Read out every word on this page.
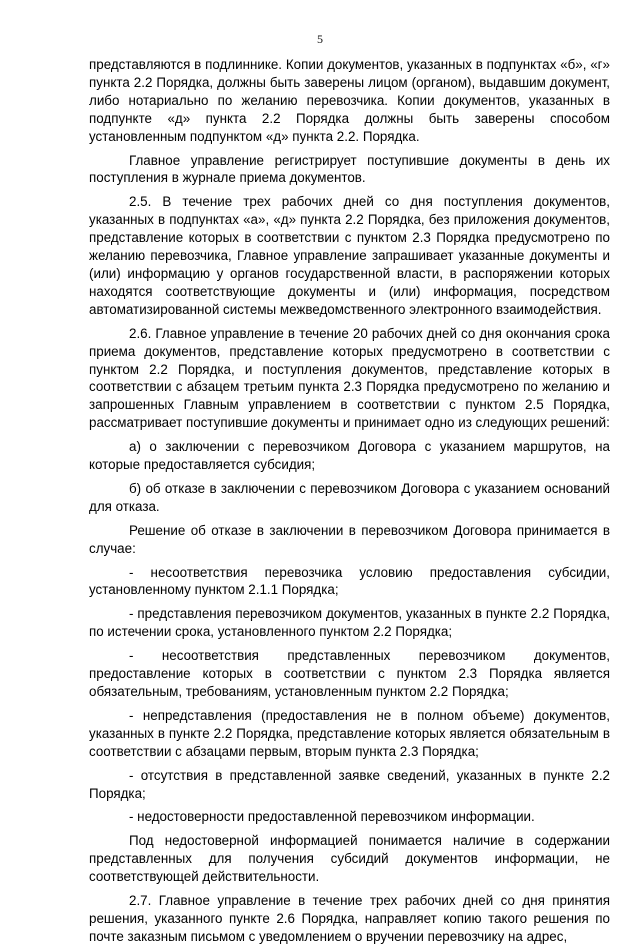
5

представляются в подлиннике. Копии документов, указанных в подпунктах «б», «г» пункта 2.2 Порядка, должны быть заверены лицом (органом), выдавшим документ, либо нотариально по желанию перевозчика. Копии документов, указанных в подпункте «д» пункта 2.2 Порядка должны быть заверены способом установленным подпунктом «д» пункта 2.2. Порядка.

Главное управление регистрирует поступившие документы в день их поступления в журнале приема документов.

2.5. В течение трех рабочих дней со дня поступления документов, указанных в подпунктах «а», «д» пункта 2.2 Порядка, без приложения документов, представление которых в соответствии с пунктом 2.3 Порядка предусмотрено по желанию перевозчика, Главное управление запрашивает указанные документы и (или) информацию у органов государственной власти, в распоряжении которых находятся соответствующие документы и (или) информация, посредством автоматизированной системы межведомственного электронного взаимодействия.

2.6. Главное управление в течение 20 рабочих дней со дня окончания срока приема документов, представление которых предусмотрено в соответствии с пунктом 2.2 Порядка, и поступления документов, представление которых в соответствии с абзацем третьим пункта 2.3 Порядка предусмотрено по желанию и запрошенных Главным управлением в соответствии с пунктом 2.5 Порядка, рассматривает поступившие документы и принимает одно из следующих решений:

а) о заключении с перевозчиком Договора с указанием маршрутов, на которые предоставляется субсидия;

б) об отказе в заключении с перевозчиком Договора с указанием оснований для отказа.

Решение об отказе в заключении в перевозчиком Договора принимается в случае:

- несоответствия перевозчика условию предоставления субсидии, установленному пунктом 2.1.1 Порядка;

- представления перевозчиком документов, указанных в пункте 2.2 Порядка, по истечении срока, установленного пунктом 2.2 Порядка;

- несоответствия представленных перевозчиком документов, предоставление которых в соответствии с пунктом 2.3 Порядка является обязательным, требованиям, установленным пунктом 2.2 Порядка;

- непредставления (предоставления не в полном объеме) документов, указанных в пункте 2.2 Порядка, представление которых является обязательным в соответствии с абзацами первым, вторым пункта 2.3 Порядка;

- отсутствия в представленной заявке сведений, указанных в пункте 2.2 Порядка;

- недостоверности предоставленной перевозчиком информации.

Под недостоверной информацией понимается наличие в содержании представленных для получения субсидий документов информации, не соответствующей действительности.

2.7. Главное управление в течение трех рабочих дней со дня принятия решения, указанного пункте 2.6 Порядка, направляет копию такого решения по почте заказным письмом с уведомлением о вручении перевозчику на адрес,
